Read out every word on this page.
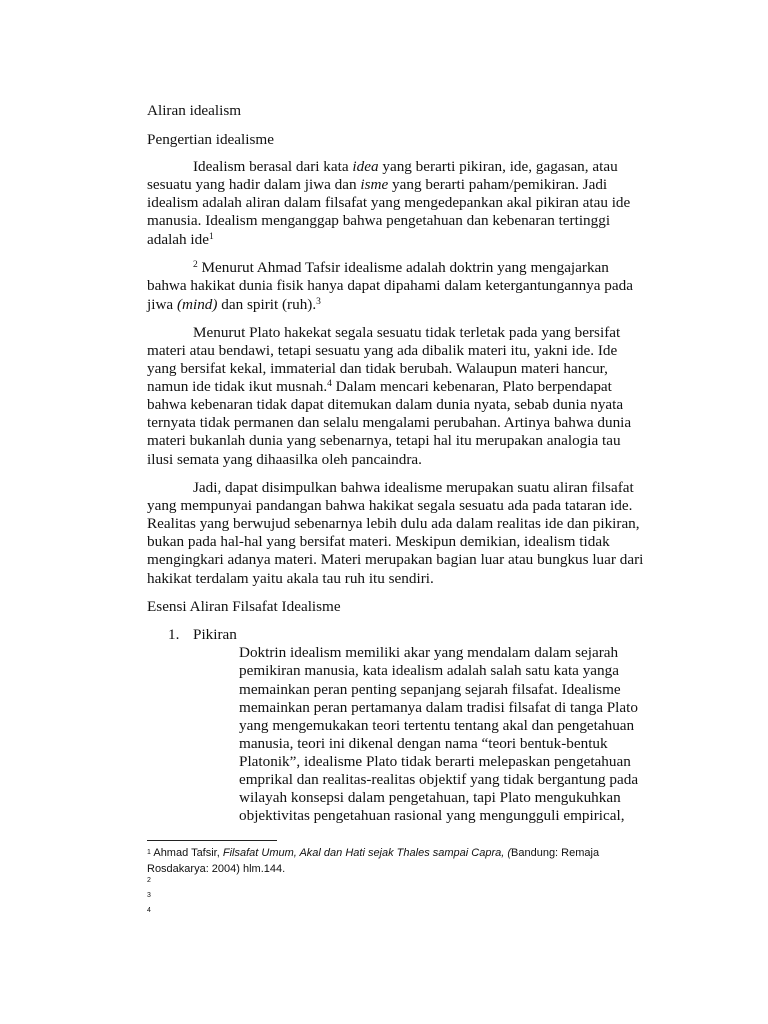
Aliran idealism
Pengertian idealisme
Idealism berasal dari kata idea yang berarti pikiran, ide, gagasan, atau
sesuatu yang hadir dalam jiwa dan isme yang berarti paham/pemikiran. Jadi
idealism adalah aliran dalam filsafat yang mengedepankan akal pikiran atau ide
manusia. Idealism menganggap bahwa pengetahuan dan kebenaran tertinggi
adalah ide$^1$
$^2$ Menurut Ahmad Tafsir idealisme adalah doktrin yang mengajarkan
bahwa hakikat dunia fisik hanya dapat dipahami dalam ketergantungannya pada
jiwa (mind) dan spirit (ruh).$^3$
Menurut Plato hakekat segala sesuatu tidak terletak pada yang bersifat
materi atau bendawi, tetapi sesuatu yang ada dibalik materi itu, yakni ide. Ide
yang bersifat kekal, immaterial dan tidak berubah. Walaupun materi hancur,
namun ide tidak ikut musnah.$^4$ Dalam mencari kebenaran, Plato berpendapat
bahwa kebenaran tidak dapat ditemukan dalam dunia nyata, sebab dunia nyata
ternyata tidak permanen dan selalu mengalami perubahan. Artinya bahwa dunia
materi bukanlah dunia yang sebenarnya, tetapi hal itu merupakan analogia tau
ilusi semata yang dihaasilka oleh pancaindra.
Jadi, dapat disimpulkan bahwa idealisme merupakan suatu aliran filsafat
yang mempunyai pandangan bahwa hakikat segala sesuatu ada pada tataran ide.
Realitas yang berwujud sebenarnya lebih dulu ada dalam realitas ide dan pikiran,
bukan pada hal-hal yang bersifat materi. Meskipun demikian, idealism tidak
mengingkari adanya materi. Materi merupakan bagian luar atau bungkus luar dari
hakikat terdalam yaitu akala tau ruh itu sendiri.
Esensi Aliran Filsafat Idealisme
1. Pikiran
Doktrin idealism memiliki akar yang mendalam dalam sejarah
pemikiran manusia, kata idealism adalah salah satu kata yanga
memainkan peran penting sepanjang sejarah filsafat. Idealisme
memainkan peran pertamanya dalam tradisi filsafat di tanga Plato
yang mengemukakan teori tertentu tentang akal dan pengetahuan
manusia, teori ini dikenal dengan nama “teori bentuk-bentuk
Platonik”, idealisme Plato tidak berarti melepaskan pengetahuan
emprikal dan realitas-realitas objektif yang tidak bergantung pada
wilayah konsepsi dalam pengetahuan, tapi Plato mengukuhkan
objektivitas pengetahuan rasional yang mengungguli empirical,
$^1$ Ahmad Tafsir, Filsafat Umum, Akal dan Hati sejak Thales sampai Capra, (Bandung: Remaja
Rosdakarya: 2004) hlm.144.
$^2$
$^3$
$^4$
